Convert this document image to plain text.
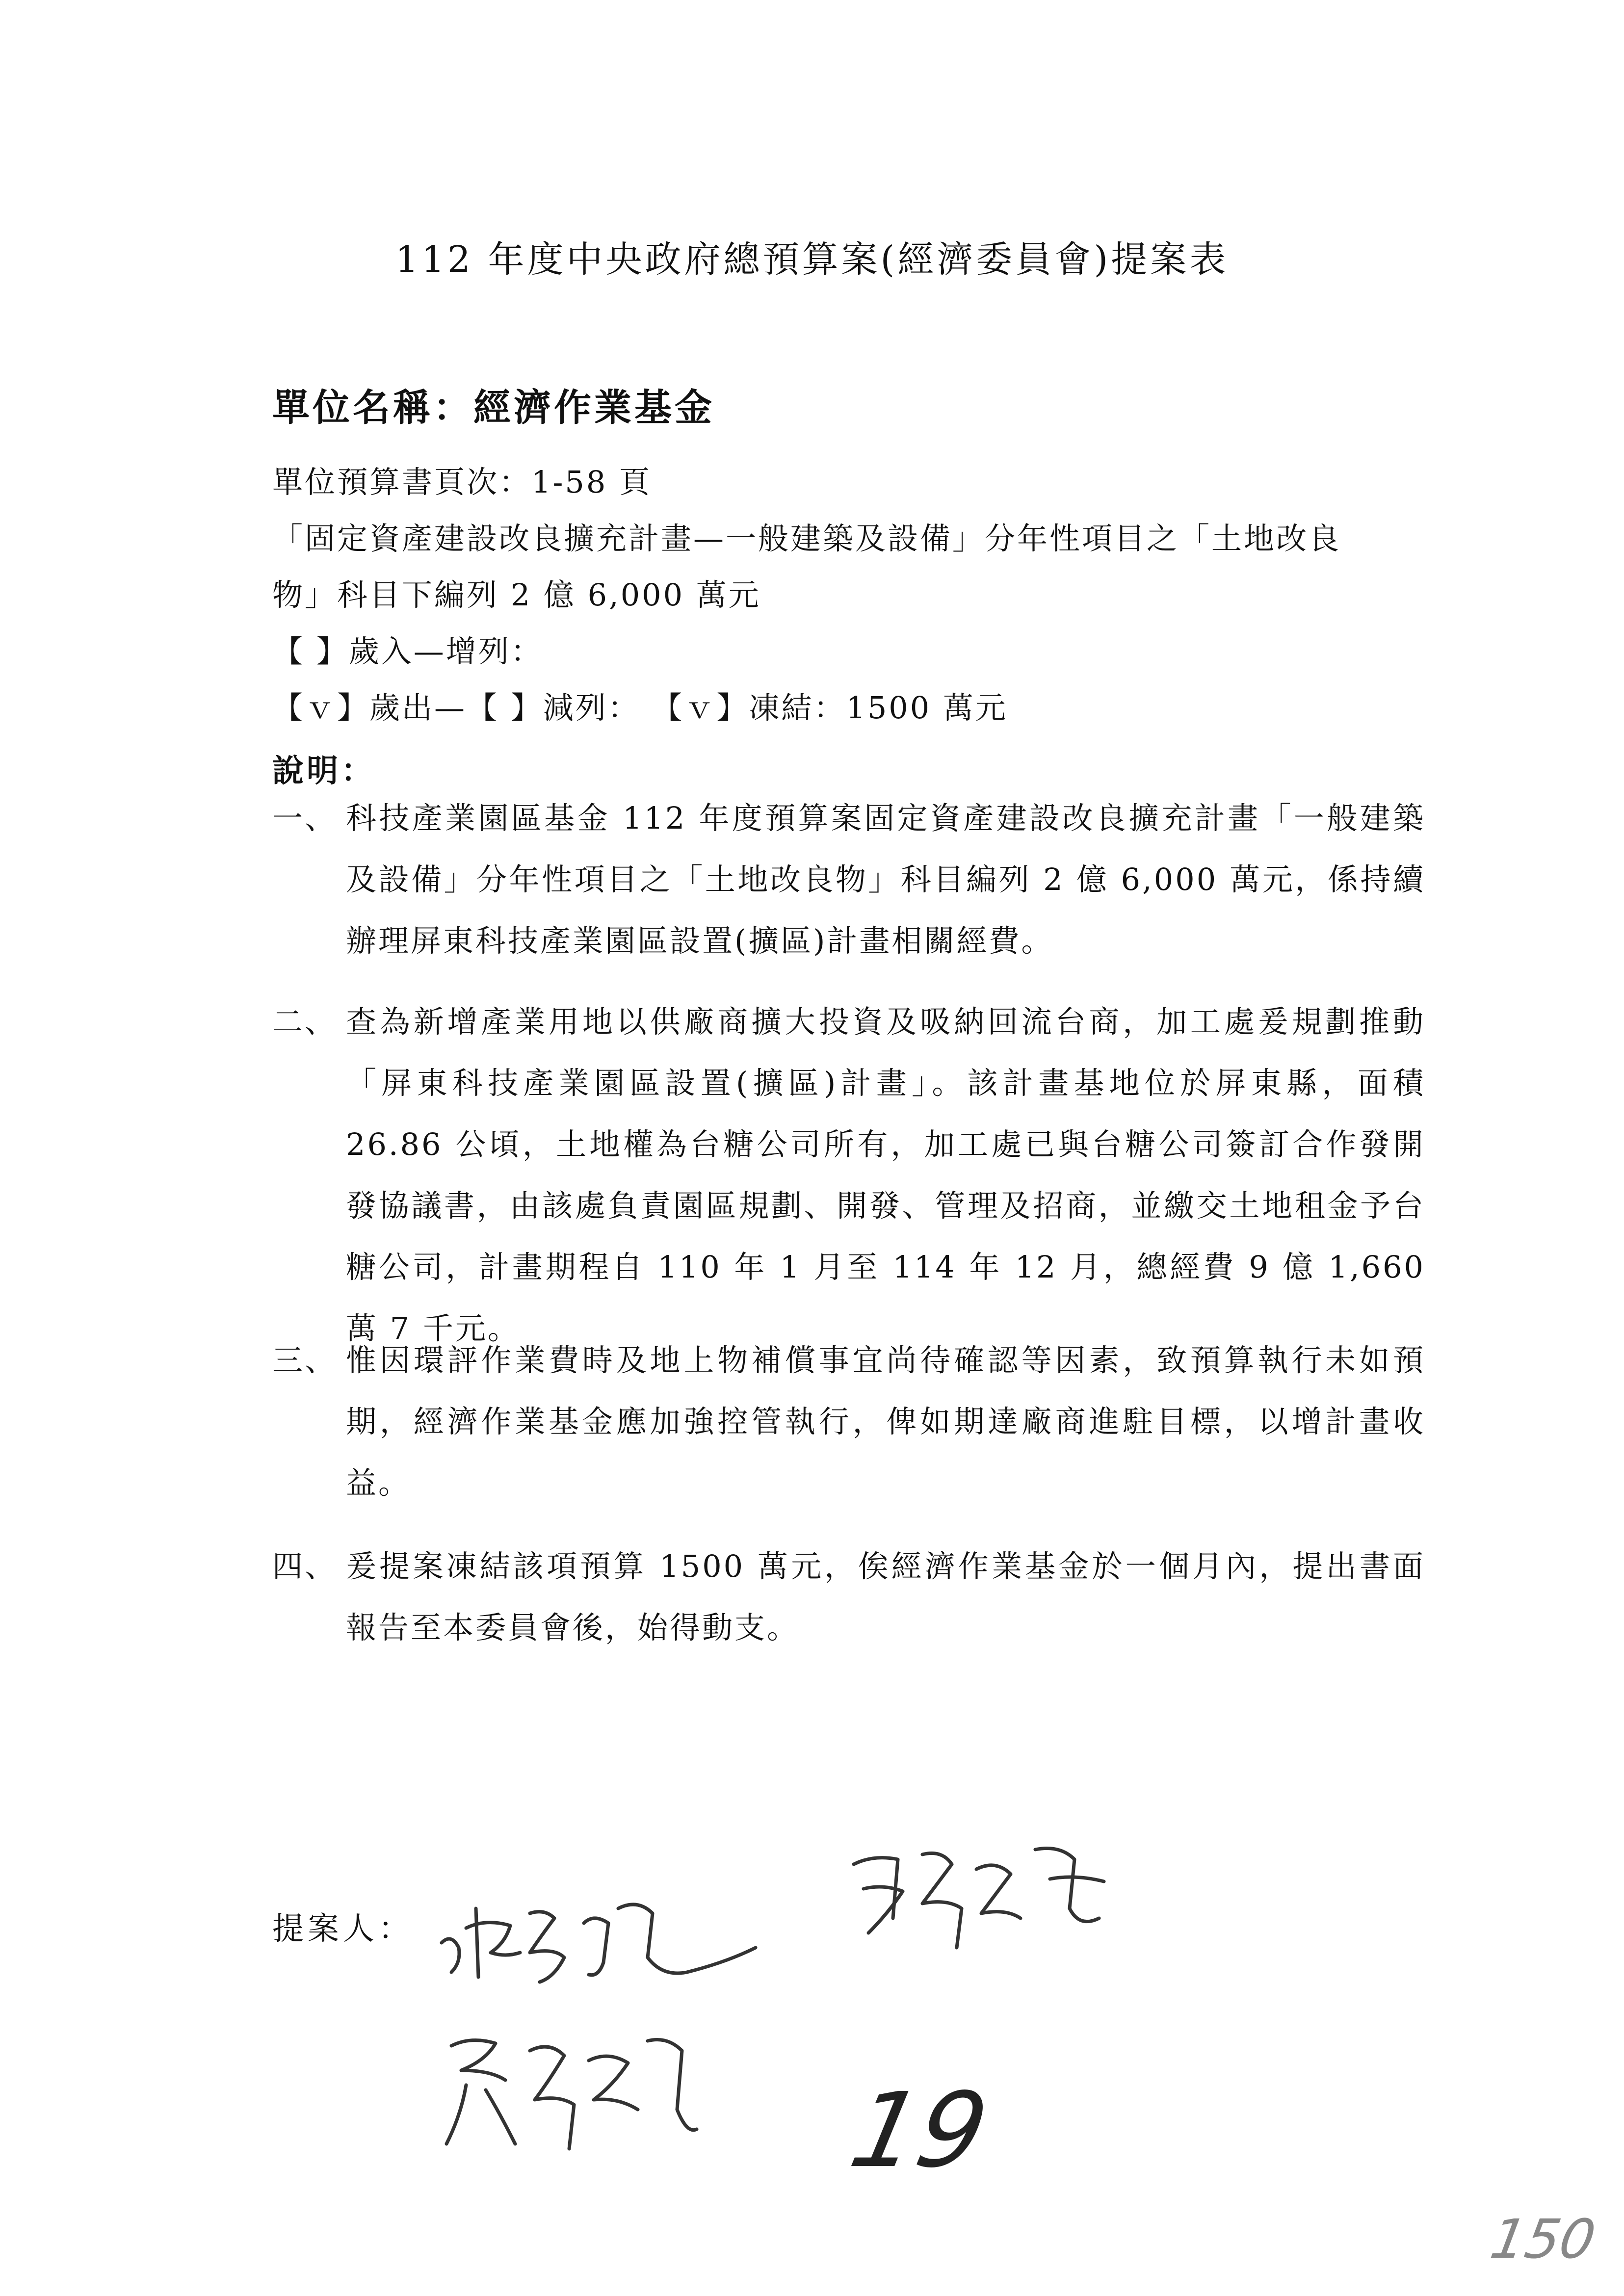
112 年度中央政府總預算案(經濟委員會)提案表
單位名稱：經濟作業基金
單位預算書頁次：1-58 頁
「固定資產建設改良擴充計畫—一般建築及設備」分年性項目之「土地改良
物」科目下編列 2 億 6,000 萬元
【 】歲入—增列：
【ｖ】歲出—【 】減列： 【ｖ】凍結：1500 萬元
說明：
一、 科技產業園區基金 112 年度預算案固定資產建設改良擴充計畫「一般建築及設備」分年性項目之「土地改良物」科目編列 2 億 6,000 萬元，係持續辦理屏東科技產業園區設置(擴區)計畫相關經費。
二、 查為新增產業用地以供廠商擴大投資及吸納回流台商，加工處爰規劃推動「屏東科技產業園區設置(擴區)計畫」。該計畫基地位於屏東縣，面積 26.86 公頃，土地權為台糖公司所有，加工處已與台糖公司簽訂合作發開發協議書，由該處負責園區規劃、開發、管理及招商，並繳交土地租金予台糖公司，計畫期程自 110 年 1 月至 114 年 12 月，總經費 9 億 1,660 萬 7 千元。
三、 惟因環評作業費時及地上物補償事宜尚待確認等因素，致預算執行未如預期，經濟作業基金應加強控管執行，俾如期達廠商進駐目標，以增計畫收益。
四、 爰提案凍結該項預算 1500 萬元，俟經濟作業基金於一個月內，提出書面報告至本委員會後，始得動支。
提案人：
19
150
